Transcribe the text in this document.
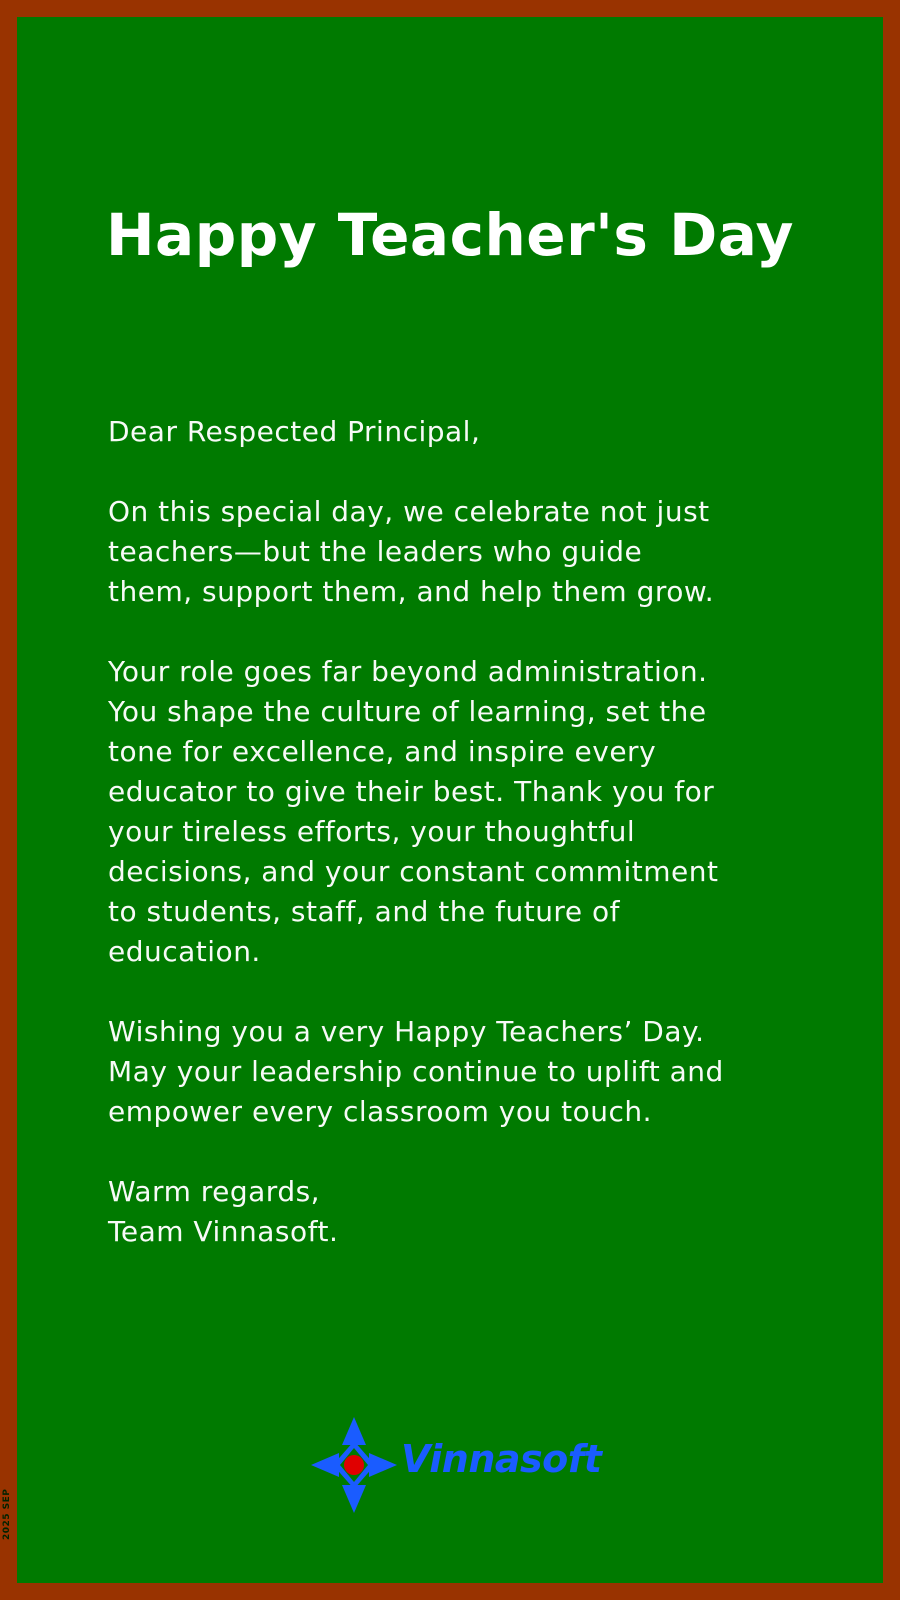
Happy Teacher's Day

Dear Respected Principal,

On this special day, we celebrate not just
teachers—but the leaders who guide
them, support them, and help them grow.

Your role goes far beyond administration.
You shape the culture of learning, set the
tone for excellence, and inspire every
educator to give their best. Thank you for
your tireless efforts, your thoughtful
decisions, and your constant commitment
to students, staff, and the future of
education.

Wishing you a very Happy Teachers’ Day.
May your leadership continue to uplift and
empower every classroom you touch.

Warm regards,
Team Vinnasoft.

Vinnasoft
2025 SEP
